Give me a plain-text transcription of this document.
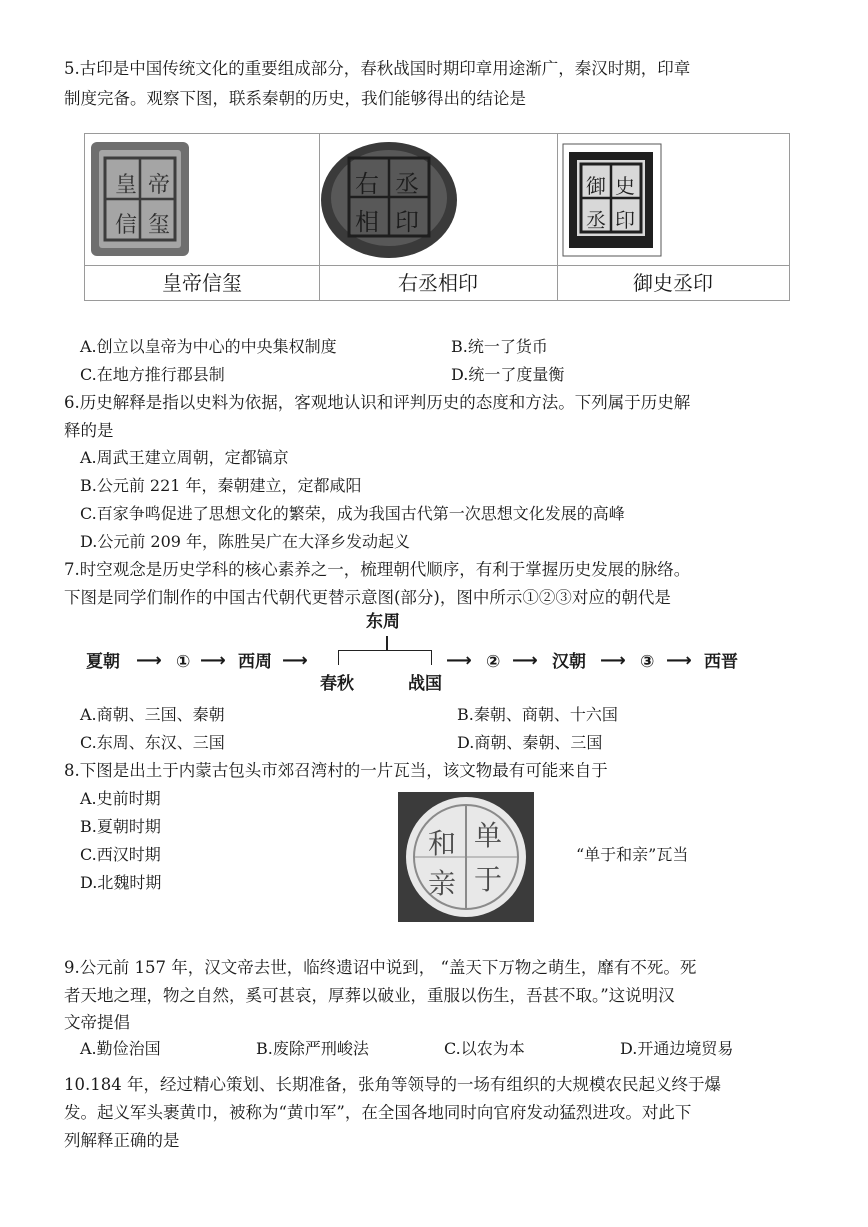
5.古印是中国传统文化的重要组成部分，春秋战国时期印章用途渐广，秦汉时期，印章
制度完备。观察下图，联系秦朝的历史，我们能够得出的结论是
皇 帝
信 玺
右 丞
相 印
御 史
丞 印
皇帝信玺	右丞相印	御史丞印
A.创立以皇帝为中心的中央集权制度	B.统一了货币
C.在地方推行郡县制	D.统一了度量衡
6.历史解释是指以史料为依据，客观地认识和评判历史的态度和方法。下列属于历史解
释的是
A.周武王建立周朝，定都镐京
B.公元前 221 年，秦朝建立，定都咸阳
C.百家争鸣促进了思想文化的繁荣，成为我国古代第一次思想文化发展的高峰
D.公元前 209 年，陈胜吴广在大泽乡发动起义
7.时空观念是历史学科的核心素养之一，梳理朝代顺序，有利于掌握历史发展的脉络。
下图是同学们制作的中国古代朝代更替示意图(部分)，图中所示①②③对应的朝代是
夏朝 ⟶ ① ⟶ 西周 ⟶
东周
春秋	战国
⟶ ② ⟶ 汉朝 ⟶ ③ ⟶ 西晋
A.商朝、三国、秦朝	B.秦朝、商朝、十六国
C.东周、东汉、三国	D.商朝、秦朝、三国
8.下图是出土于内蒙古包头市郊召湾村的一片瓦当，该文物最有可能来自于
A.史前时期
B.夏朝时期
C.西汉时期
D.北魏时期
单
于
和
亲
“单于和亲”瓦当
9.公元前 157 年，汉文帝去世，临终遗诏中说到， “盖天下万物之萌生，靡有不死。死
者天地之理，物之自然，奚可甚哀，厚葬以破业，重服以伤生，吾甚不取。”这说明汉
文帝提倡
A.勤俭治国	B.废除严刑峻法	C.以农为本	D.开通边境贸易
10.184 年，经过精心策划、长期准备，张角等领导的一场有组织的大规模农民起义终于爆
发。起义军头裹黄巾，被称为“黄巾军”，在全国各地同时向官府发动猛烈进攻。对此下
列解释正确的是
